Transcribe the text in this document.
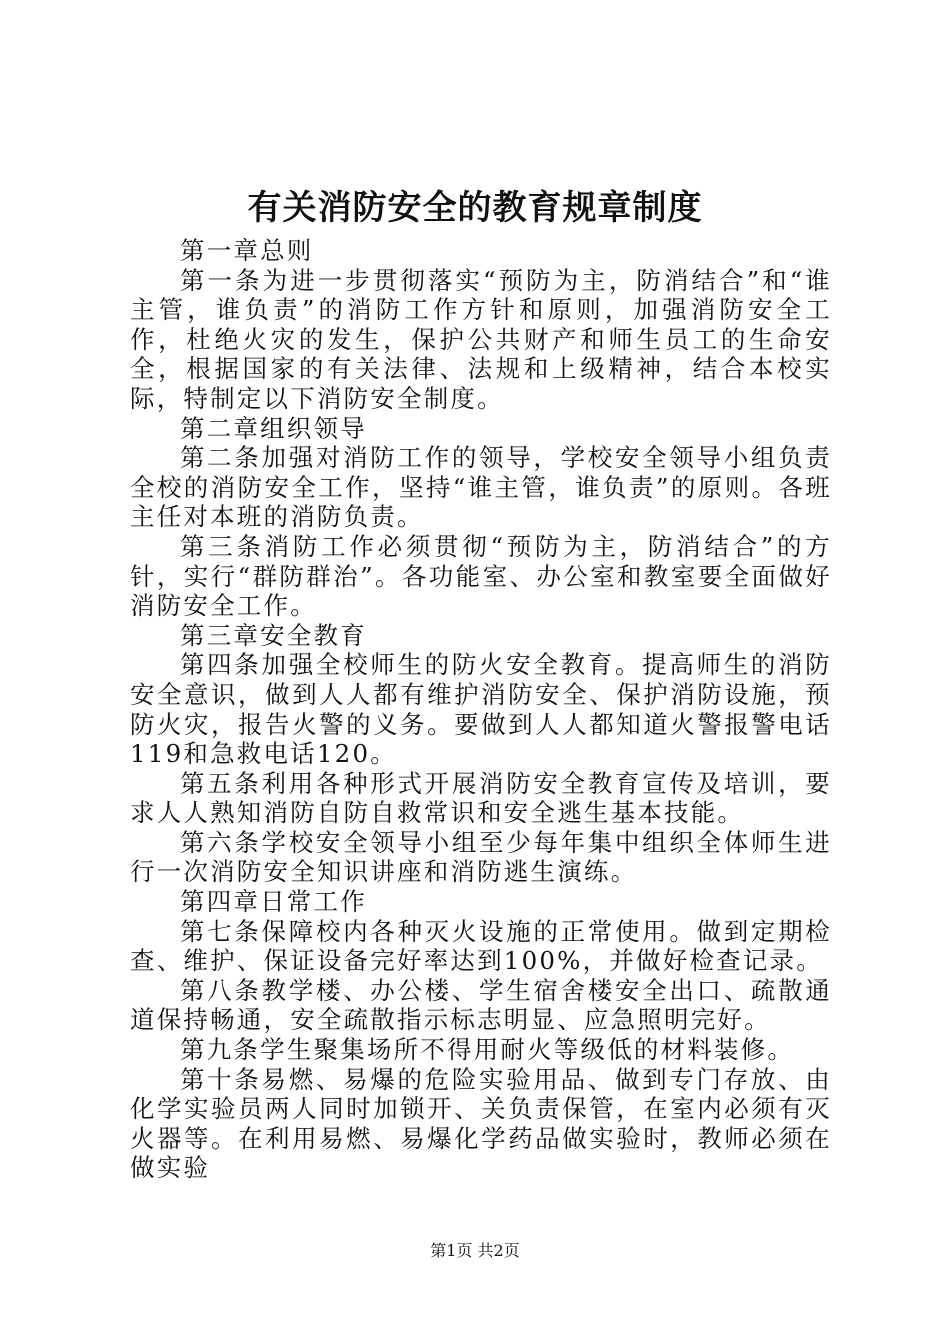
有关消防安全的教育规章制度

第一章总则

第一条为进一步贯彻落实“预防为主，防消结合”和“谁主管，谁负责”的消防工作方针和原则，加强消防安全工作，杜绝火灾的发生，保护公共财产和师生员工的生命安全，根据国家的有关法律、法规和上级精神，结合本校实际，特制定以下消防安全制度。

第二章组织领导

第二条加强对消防工作的领导，学校安全领导小组负责全校的消防安全工作，坚持“谁主管，谁负责”的原则。各班主任对本班的消防负责。

第三条消防工作必须贯彻“预防为主，防消结合”的方针，实行“群防群治”。各功能室、办公室和教室要全面做好消防安全工作。

第三章安全教育

第四条加强全校师生的防火安全教育。提高师生的消防安全意识，做到人人都有维护消防安全、保护消防设施，预防火灾，报告火警的义务。要做到人人都知道火警报警电话119和急救电话120。

第五条利用各种形式开展消防安全教育宣传及培训，要求人人熟知消防自防自救常识和安全逃生基本技能。

第六条学校安全领导小组至少每年集中组织全体师生进行一次消防安全知识讲座和消防逃生演练。

第四章日常工作

第七条保障校内各种灭火设施的正常使用。做到定期检查、维护、保证设备完好率达到100%，并做好检查记录。

第八条教学楼、办公楼、学生宿舍楼安全出口、疏散通道保持畅通，安全疏散指示标志明显、应急照明完好。

第九条学生聚集场所不得用耐火等级低的材料装修。

第十条易燃、易爆的危险实验用品、做到专门存放、由化学实验员两人同时加锁开、关负责保管，在室内必须有灭火器等。在利用易燃、易爆化学药品做实验时，教师必须在做实验

第1页 共2页
